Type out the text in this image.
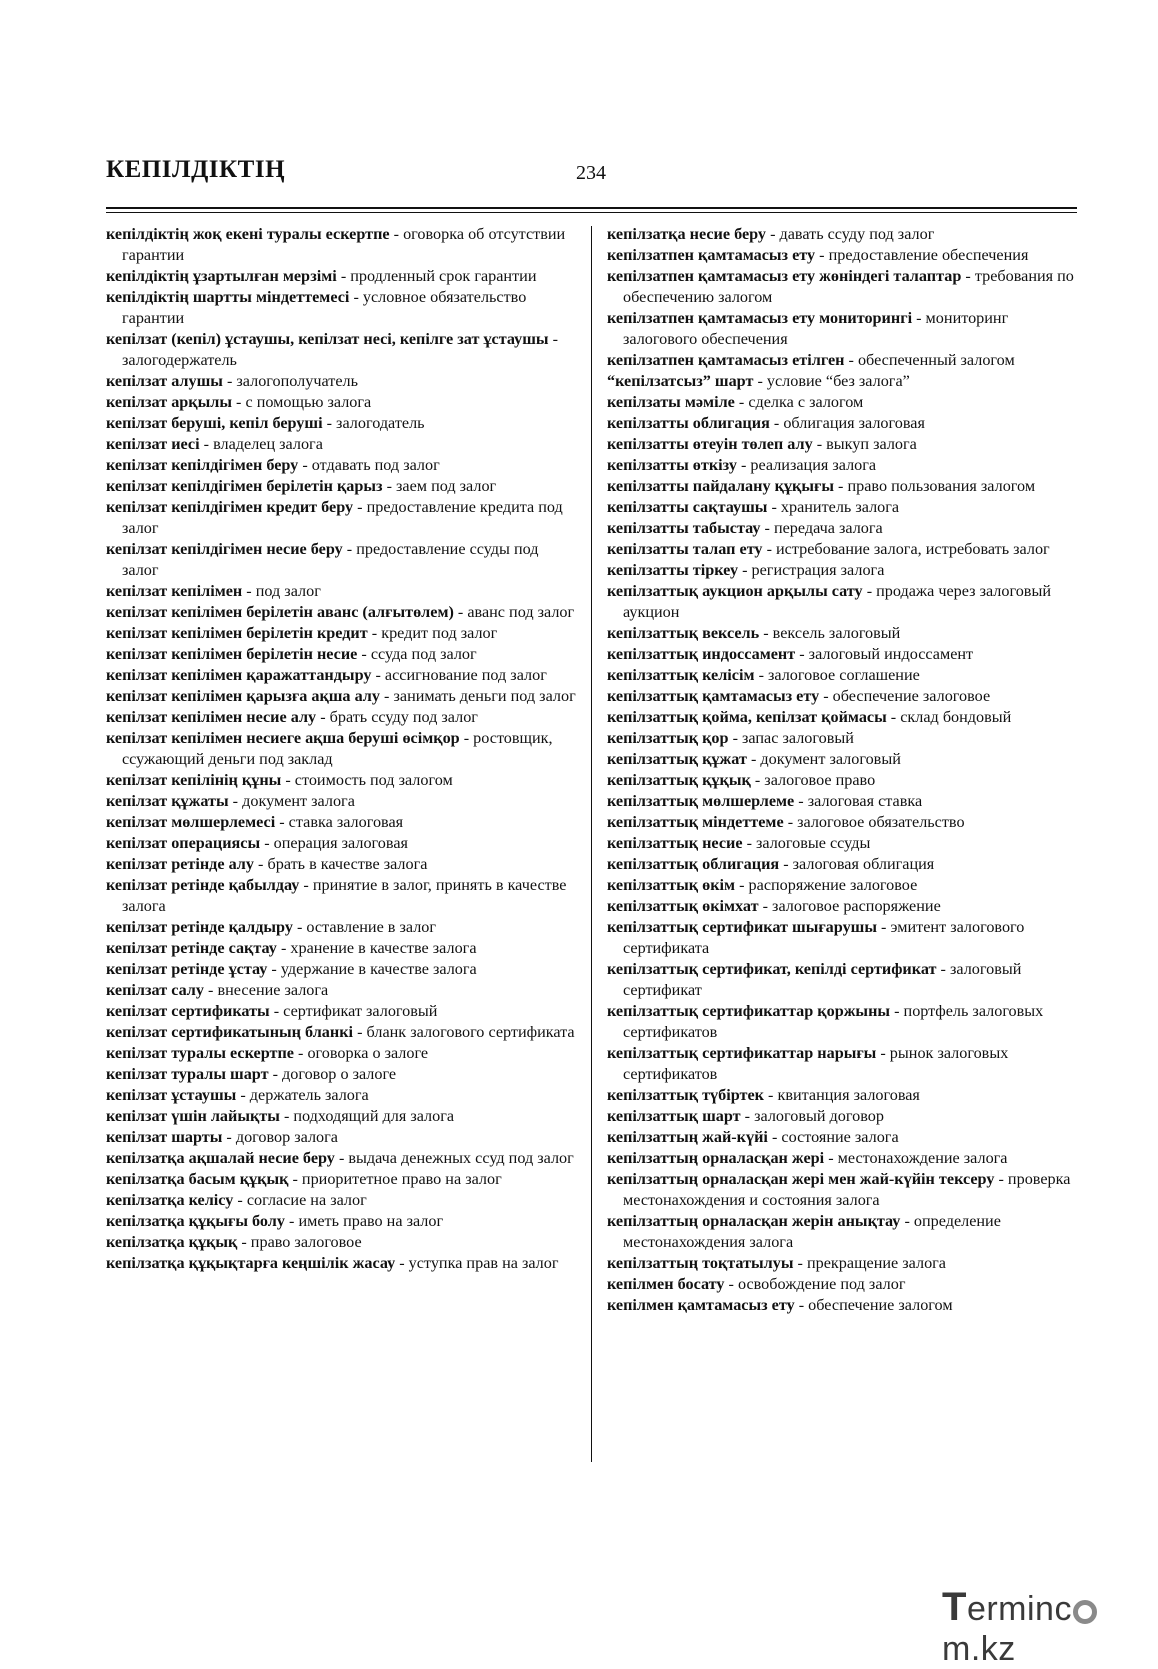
КЕПІЛДІКТІҢ	234

кепілдіктің жоқ екені туралы ескертпе - оговорка об отсутствии гарантии

кепілдіктің ұзартылған мерзімі - продленный срок гарантии

кепілдіктің шартты міндеттемесі - условное обязательство гарантии

кепілзат (кепіл) ұстаушы, кепілзат несі, кепілге зат ұстаушы - залогодержатель

кепілзат алушы - залогополучатель

кепілзат арқылы - с помощью залога

кепілзат беруші, кепіл беруші - залогодатель

кепілзат иесі - владелец залога

кепілзат кепілдігімен беру - отдавать под залог

кепілзат кепілдігімен берілетін қарыз - заем под залог

кепілзат кепілдігімен кредит беру - предоставление кредита под залог

кепілзат кепілдігімен несие беру - предоставление ссуды под залог

кепілзат кепілімен - под залог

кепілзат кепілімен берілетін аванс (алғытөлем) - аванс под залог

кепілзат кепілімен берілетін кредит - кредит под залог

кепілзат кепілімен берілетін несие - ссуда под залог

кепілзат кепілімен қаражаттандыру - ассигнование под залог

кепілзат кепілімен қарызға ақша алу - занимать деньги под залог

кепілзат кепілімен несие алу - брать ссуду под залог

кепілзат кепілімен несиеге ақша беруші өсімқор - ростовщик, ссужающий деньги под заклад

кепілзат кепілінің құны - стоимость под залогом

кепілзат құжаты - документ залога

кепілзат мөлшерлемесі - ставка залоговая

кепілзат операциясы - операция залоговая

кепілзат ретінде алу - брать в качестве залога

кепілзат ретінде қабылдау - принятие в залог, принять в качестве залога

кепілзат ретінде қалдыру - оставление в залог

кепілзат ретінде сақтау - хранение в качестве залога

кепілзат ретінде ұстау - удержание в качестве залога

кепілзат салу - внесение залога

кепілзат сертификаты - сертификат залоговый

кепілзат сертификатының бланкі - бланк залогового сертификата

кепілзат туралы ескертпе - оговорка о залоге

кепілзат туралы шарт - договор о залоге

кепілзат ұстаушы - держатель залога

кепілзат үшін лайықты - подходящий для залога

кепілзат шарты - договор залога

кепілзатқа ақшалай несие беру - выдача денежных ссуд под залог

кепілзатқа басым құқық - приоритетное право на залог

кепілзатқа келісу - согласие на залог

кепілзатқа құқығы болу - иметь право на залог

кепілзатқа құқық - право залоговое

кепілзатқа құқықтарға кеңшілік жасау - уступка прав на залог

кепілзатқа несие беру - давать ссуду под залог

кепілзатпен қамтамасыз ету - предоставление обеспечения

кепілзатпен қамтамасыз ету жөніндегі талаптар - требования по обеспечению залогом

кепілзатпен қамтамасыз ету мониторингі - мониторинг залогового обеспечения

кепілзатпен қамтамасыз етілген - обеспеченный залогом

“кепілзатсыз” шарт - условие “без залога”

кепілзаты мәміле - сделка с залогом

кепілзатты облигация - облигация залоговая

кепілзатты өтеуін төлеп алу - выкуп залога

кепілзатты өткізу - реализация залога

кепілзатты пайдалану құқығы - право пользования залогом

кепілзатты сақтаушы - хранитель залога

кепілзатты табыстау - передача залога

кепілзатты талап ету - истребование залога, истребовать залог

кепілзатты тіркеу - регистрация залога

кепілзаттық аукцион арқылы сату - продажа через залоговый аукцион

кепілзаттық вексель - вексель залоговый

кепілзаттық индоссамент - залоговый индоссамент

кепілзаттық келісім - залоговое соглашение

кепілзаттық қамтамасыз ету - обеспечение залоговое

кепілзаттық қойма, кепілзат қоймасы - склад бондовый

кепілзаттық қор - запас залоговый

кепілзаттық құжат - документ залоговый

кепілзаттық құқық - залоговое право

кепілзаттық мөлшерлеме - залоговая ставка

кепілзаттық міндеттеме - залоговое обязательство

кепілзаттық несие - залоговые ссуды

кепілзаттық облигация - залоговая облигация

кепілзаттық өкім - распоряжение залоговое

кепілзаттық өкімхат - залоговое распоряжение

кепілзаттық сертификат шығарушы - эмитент залогового сертификата

кепілзаттық сертификат, кепілді сертификат - залоговый сертификат

кепілзаттық сертификаттар қоржыны - портфель залоговых сертификатов

кепілзаттық сертификаттар нарығы - рынок залоговых сертификатов

кепілзаттық түбіртек - квитанция залоговая

кепілзаттық шарт - залоговый договор

кепілзаттың жай-күйі - состояние залога

кепілзаттың орналасқан жері - местонахождение залога

кепілзаттың орналасқан жері мен жай-күйін тексеру - проверка местонахождения и состояния залога

кепілзаттың орналасқан жерін анықтау - определение местонахождения залога

кепілзаттың тоқтатылуы - прекращение залога

кепілмен босату - освобождение под залог

кепілмен қамтамасыз ету - обеспечение залогом

Termincm.kz
